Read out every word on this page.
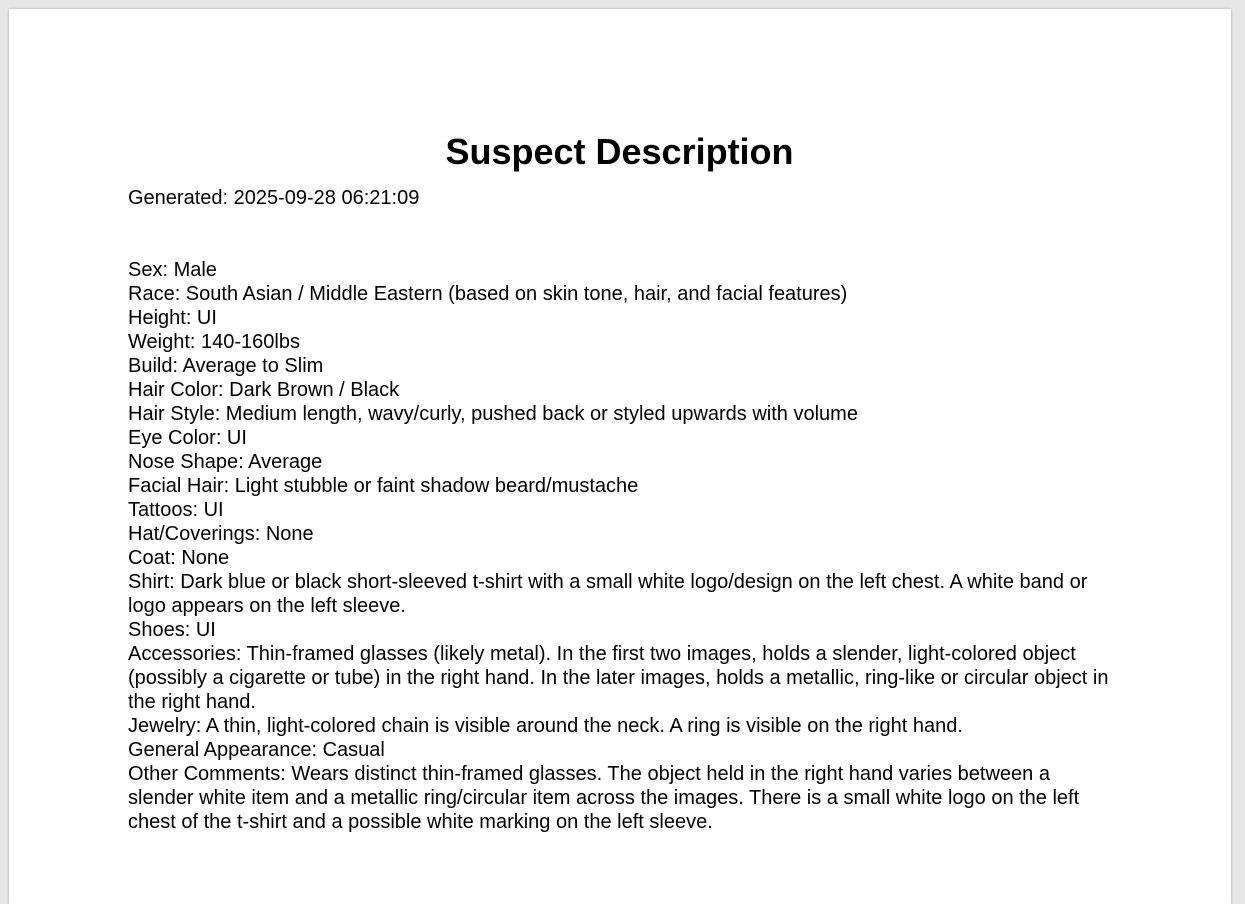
Suspect Description
Generated: 2025-09-28 06:21:09
Sex: Male
Race: South Asian / Middle Eastern (based on skin tone, hair, and facial features)
Height: UI
Weight: 140-160lbs
Build: Average to Slim
Hair Color: Dark Brown / Black
Hair Style: Medium length, wavy/curly, pushed back or styled upwards with volume
Eye Color: UI
Nose Shape: Average
Facial Hair: Light stubble or faint shadow beard/mustache
Tattoos: UI
Hat/Coverings: None
Coat: None
Shirt: Dark blue or black short-sleeved t-shirt with a small white logo/design on the left chest. A white band or logo appears on the left sleeve.
Shoes: UI
Accessories: Thin-framed glasses (likely metal). In the first two images, holds a slender, light-colored object (possibly a cigarette or tube) in the right hand. In the later images, holds a metallic, ring-like or circular object in the right hand.
Jewelry: A thin, light-colored chain is visible around the neck. A ring is visible on the right hand.
General Appearance: Casual
Other Comments: Wears distinct thin-framed glasses. The object held in the right hand varies between a slender white item and a metallic ring/circular item across the images. There is a small white logo on the left chest of the t-shirt and a possible white marking on the left sleeve.
